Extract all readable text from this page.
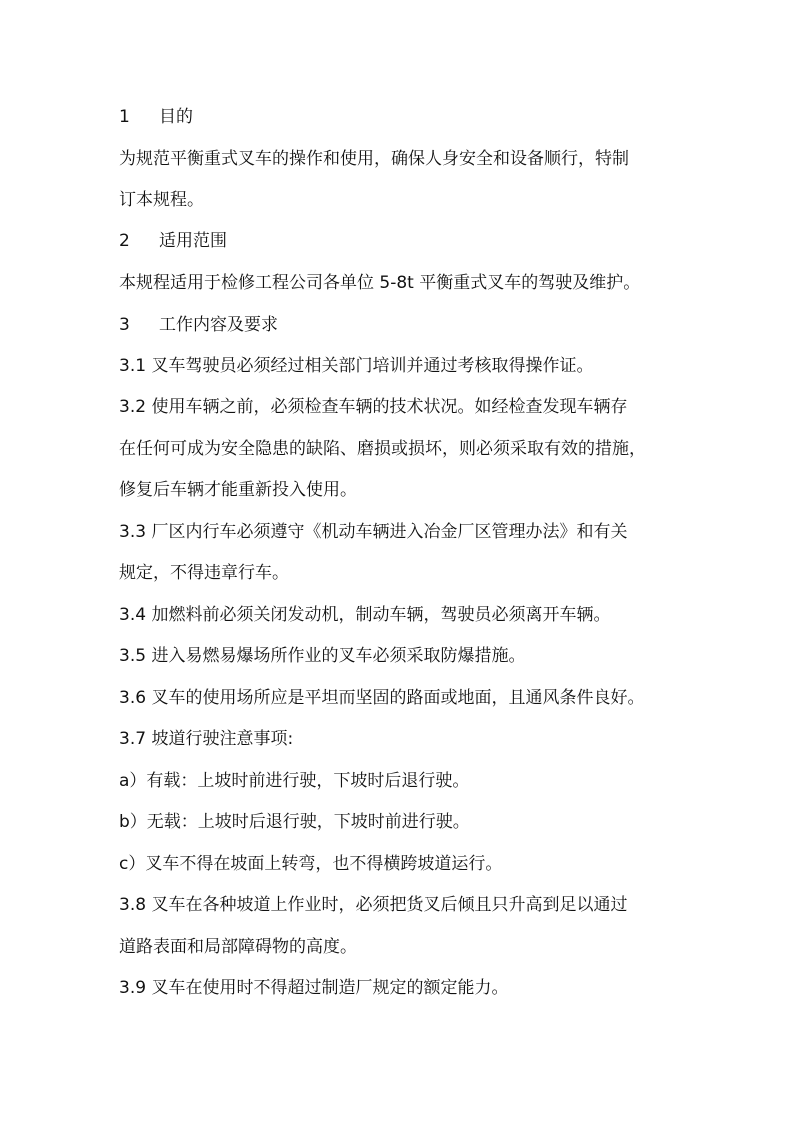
1 目的

为规范平衡重式叉车的操作和使用，确保人身安全和设备顺行，特制

订本规程。

2 适用范围

本规程适用于检修工程公司各单位 5-8t 平衡重式叉车的驾驶及维护。

3 工作内容及要求

3.1 叉车驾驶员必须经过相关部门培训并通过考核取得操作证。

3.2 使用车辆之前，必须检查车辆的技术状况。如经检查发现车辆存

在任何可成为安全隐患的缺陷、磨损或损坏，则必须采取有效的措施，

修复后车辆才能重新投入使用。

3.3 厂区内行车必须遵守《机动车辆进入冶金厂区管理办法》和有关

规定，不得违章行车。

3.4 加燃料前必须关闭发动机，制动车辆，驾驶员必须离开车辆。

3.5 进入易燃易爆场所作业的叉车必须采取防爆措施。

3.6 叉车的使用场所应是平坦而坚固的路面或地面，且通风条件良好。

3.7 坡道行驶注意事项:

a）有载：上坡时前进行驶，下坡时后退行驶。

b）无载：上坡时后退行驶，下坡时前进行驶。

c）叉车不得在坡面上转弯，也不得横跨坡道运行。

3.8 叉车在各种坡道上作业时，必须把货叉后倾且只升高到足以通过

道路表面和局部障碍物的高度。

3.9 叉车在使用时不得超过制造厂规定的额定能力。
